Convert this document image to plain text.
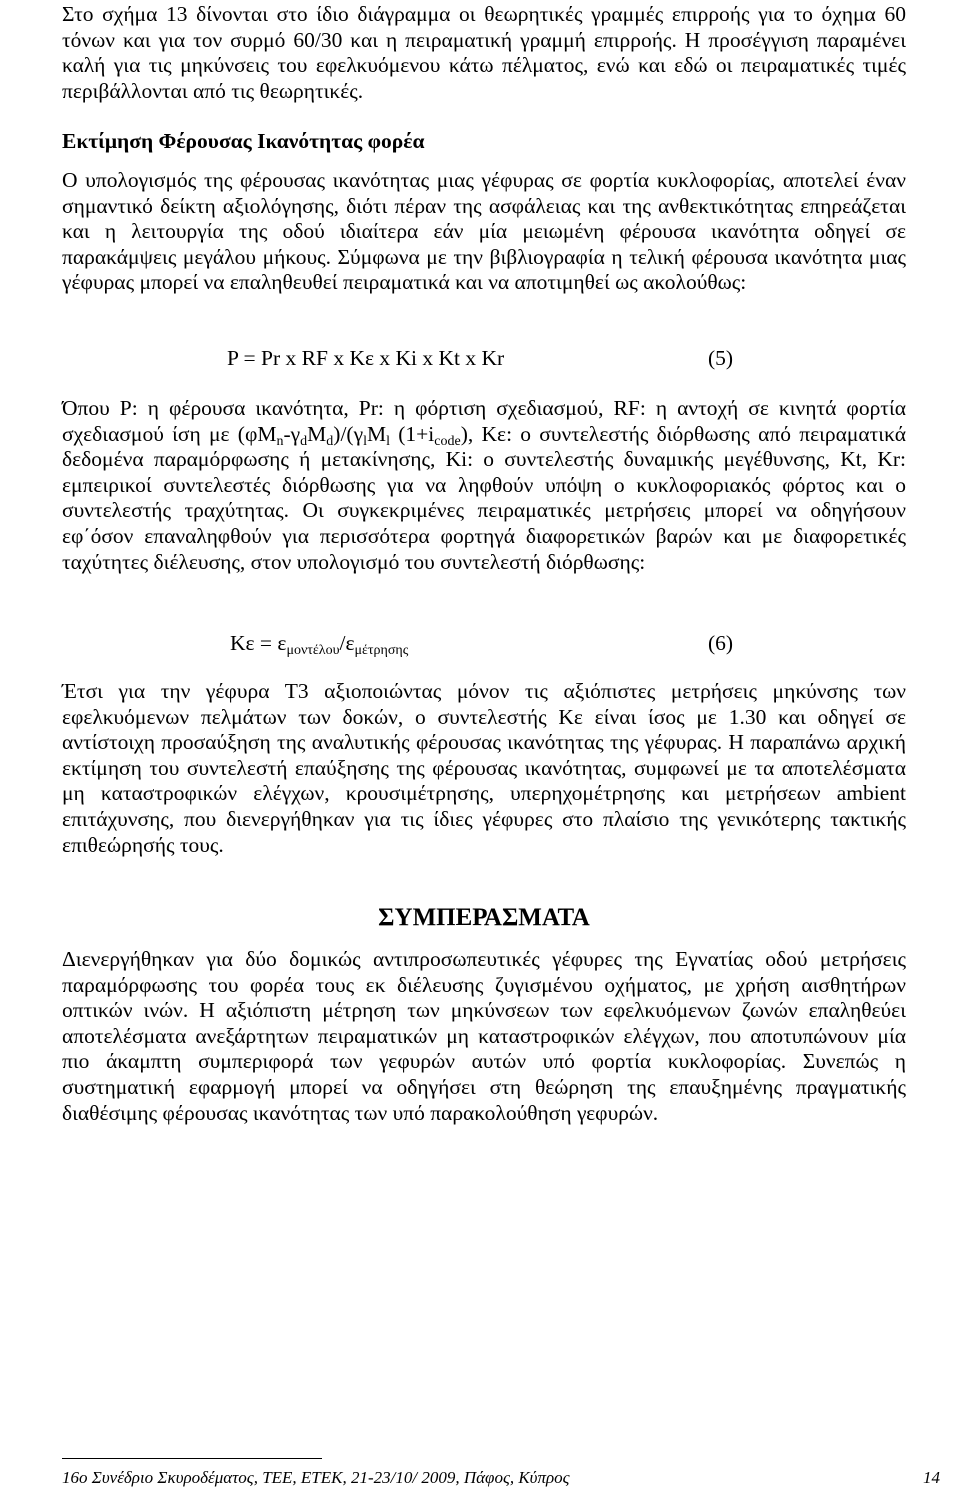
Στο σχήμα 13 δίνονται στο ίδιο διάγραμμα οι θεωρητικές γραμμές επιρροής για το όχημα 60 τόνων και για τον συρμό 60/30 και η πειραματική γραμμή επιρροής. Η προσέγγιση παραμένει καλή για τις μηκύνσεις του εφελκυόμενου κάτω πέλματος, ενώ και εδώ οι πειραματικές τιμές περιβάλλονται από τις θεωρητικές.

Εκτίμηση Φέρουσας Ικανότητας φορέα

Ο υπολογισμός της φέρουσας ικανότητας μιας γέφυρας σε φορτία κυκλοφορίας, αποτελεί έναν σημαντικό δείκτη αξιολόγησης, διότι πέραν της ασφάλειας και της ανθεκτικότητας επηρεάζεται και η λειτουργία της οδού ιδιαίτερα εάν μία μειωμένη φέρουσα ικανότητα οδηγεί σε παρακάμψεις μεγάλου μήκους. Σύμφωνα με την βιβλιογραφία η τελική φέρουσα ικανότητα μιας γέφυρας μπορεί να επαληθευθεί πειραματικά και να αποτιμηθεί ως ακολούθως:

P = Pr x RF x Kε x Ki x Kt x Kr	(5)

Όπου P: η φέρουσα ικανότητα, Pr: η φόρτιση σχεδιασμού, RF: η αντοχή σε κινητά φορτία σχεδιασμού ίση με $(\varphi M_n-\gamma_dM_d)/(\gamma_lM_l$ $(1+i_{code})$, Kε: ο συντελεστής διόρθωσης από πειραματικά δεδομένα παραμόρφωσης ή μετακίνησης, Ki: ο συντελεστής δυναμικής μεγέθυνσης, Kt, Kr: εμπειρικοί συντελεστές διόρθωσης για να ληφθούν υπόψη ο κυκλοφοριακός φόρτος και ο συντελεστής τραχύτητας. Οι συγκεκριμένες πειραματικές μετρήσεις μπορεί να οδηγήσουν εφ΄όσον επαναληφθούν για περισσότερα φορτηγά διαφορετικών βαρών και με διαφορετικές ταχύτητες διέλευσης, στον υπολογισμό του συντελεστή διόρθωσης:

$K\varepsilon = \varepsilon_{\mu o\nu\tau έ\lambda o\upsilon}/\varepsilon_{\mu έ\tau\rho\eta\sigma\eta\varsigma}$	(6)

Έτσι για την γέφυρα Τ3 αξιοποιώντας μόνον τις αξιόπιστες μετρήσεις μηκύνσης των εφελκυόμενων πελμάτων των δοκών, ο συντελεστής Kε είναι ίσος με 1.30 και οδηγεί σε αντίστοιχη προσαύξηση της αναλυτικής φέρουσας ικανότητας της γέφυρας. Η παραπάνω αρχική εκτίμηση του συντελεστή επαύξησης της φέρουσας ικανότητας, συμφωνεί με τα αποτελέσματα μη καταστροφικών ελέγχων, κρουσιμέτρησης, υπερηχομέτρησης και μετρήσεων ambient επιτάχυνσης, που διενεργήθηκαν για τις ίδιες γέφυρες στο πλαίσιο της γενικότερης τακτικής επιθεώρησής τους.

ΣΥΜΠΕΡΑΣΜΑΤΑ

Διενεργήθηκαν για δύο δομικώς αντιπροσωπευτικές γέφυρες της Εγνατίας οδού μετρήσεις παραμόρφωσης του φορέα τους εκ διέλευσης ζυγισμένου οχήματος, με χρήση αισθητήρων οπτικών ινών. Η αξιόπιστη μέτρηση των μηκύνσεων των εφελκυόμενων ζωνών επαληθεύει αποτελέσματα ανεξάρτητων πειραματικών μη καταστροφικών ελέγχων, που αποτυπώνουν μία πιο άκαμπτη συμπεριφορά των γεφυρών αυτών υπό φορτία κυκλοφορίας. Συνεπώς η συστηματική εφαρμογή μπορεί να οδηγήσει στη θεώρηση της επαυξημένης πραγματικής διαθέσιμης φέρουσας ικανότητας των υπό παρακολούθηση γεφυρών.

16ο Συνέδριο Σκυροδέματος, ΤΕΕ, ΕΤΕΚ, 21-23/10/ 2009, Πάφος, Κύπρος	14
